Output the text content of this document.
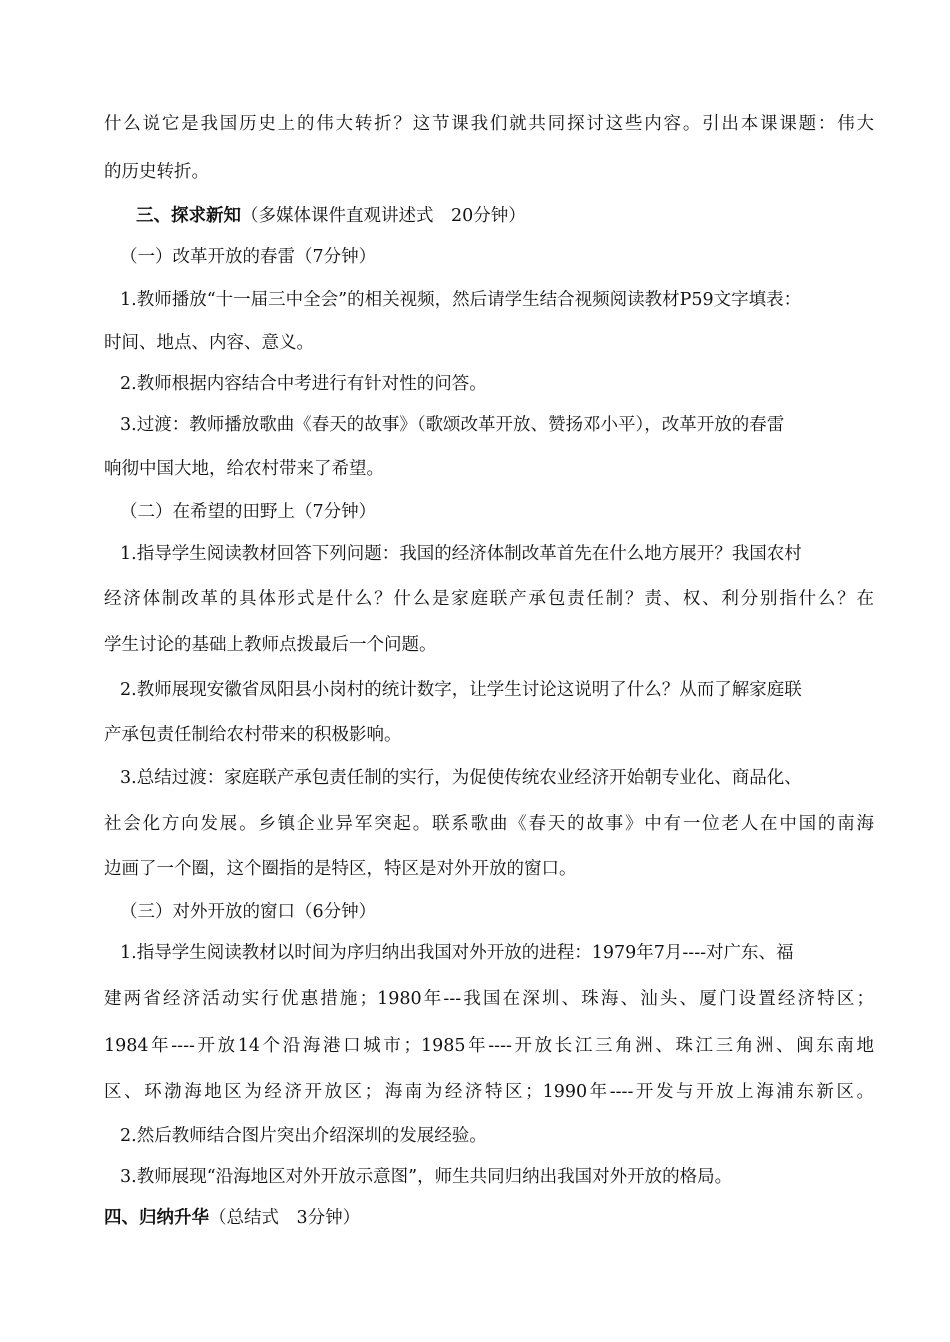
什么说它是我国历史上的伟大转折？这节课我们就共同探讨这些内容。引出本课课题：伟大
的历史转折。
三、探求新知（多媒体课件直观讲述式　20分钟）
（一）改革开放的春雷（7分钟）
1.教师播放“十一届三中全会”的相关视频，然后请学生结合视频阅读教材P59文字填表：
时间、地点、内容、意义。
2.教师根据内容结合中考进行有针对性的问答。
3.过渡：教师播放歌曲《春天的故事》（歌颂改革开放、赞扬邓小平），改革开放的春雷
响彻中国大地，给农村带来了希望。
（二）在希望的田野上（7分钟）
1.指导学生阅读教材回答下列问题：我国的经济体制改革首先在什么地方展开？我国农村
经济体制改革的具体形式是什么？什么是家庭联产承包责任制？责、权、利分别指什么？在
学生讨论的基础上教师点拨最后一个问题。
2.教师展现安徽省凤阳县小岗村的统计数字，让学生讨论这说明了什么？从而了解家庭联
产承包责任制给农村带来的积极影响。
3.总结过渡：家庭联产承包责任制的实行，为促使传统农业经济开始朝专业化、商品化、
社会化方向发展。乡镇企业异军突起。联系歌曲《春天的故事》中有一位老人在中国的南海
边画了一个圈，这个圈指的是特区，特区是对外开放的窗口。
（三）对外开放的窗口（6分钟）
1.指导学生阅读教材以时间为序归纳出我国对外开放的进程：1979年7月----对广东、福
建两省经济活动实行优惠措施；1980年---我国在深圳、珠海、汕头、厦门设置经济特区；
1984年----开放14个沿海港口城市；1985年----开放长江三角洲、珠江三角洲、闽东南地
区、环渤海地区为经济开放区；海南为经济特区；1990年----开发与开放上海浦东新区。
2.然后教师结合图片突出介绍深圳的发展经验。
3.教师展现“沿海地区对外开放示意图”，师生共同归纳出我国对外开放的格局。
四、归纳升华（总结式　3分钟）
